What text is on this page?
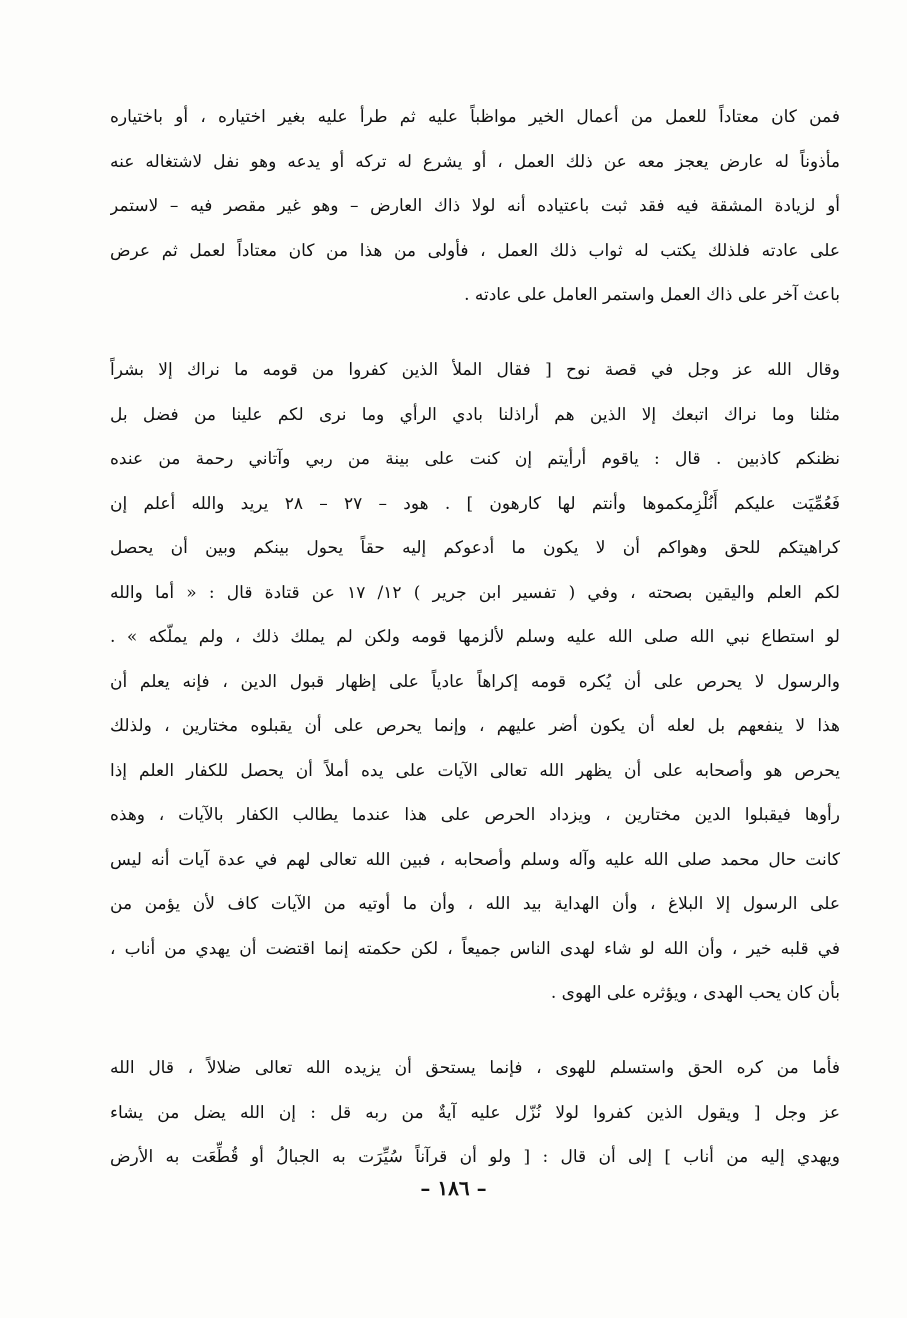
فمن كان معتاداً للعمل من أعمال الخير مواظباً عليه ثم طرأ عليه بغير اختياره ، أو باختياره
مأذوناً له عارض يعجز معه عن ذلك العمل ، أو يشرع له تركه أو يدعه وهو نفل لاشتغاله عنه
أو لزيادة المشقة فيه فقد ثبت باعتياده أنه لولا ذاك العارض – وهو غير مقصر فيه – لاستمر
على عادته فلذلك يكتب له ثواب ذلك العمل ، فأولى من هذا من كان معتاداً لعمل ثم عرض
باعث آخر على ذاك العمل واستمر العامل على عادته .
وقال الله عز وجل في قصة نوح [ فقال الملأ الذين كفروا من قومه ما نراك إلا بشراً
مثلنا وما نراك اتبعك إلا الذين هم أراذلنا بادي الرأي وما نرى لكم علينا من فضل بل
نظنكم كاذبين . قال : ياقوم أرأيتم إن كنت على بينة من ربي وآتاني رحمة من عنده
فَعُمِّيَت عليكم أَنُلْزِمكموها وأنتم لها كارهون ] . هود – ٢٧ – ٢٨ يريد والله أعلم إن
كراهيتكم للحق وهواكم أن لا يكون ما أدعوكم إليه حقاً يحول بينكم وبين أن يحصل
لكم العلم واليقين بصحته ، وفي ( تفسير ابن جرير ) ١٢/ ١٧ عن قتادة قال : « أما والله
لو استطاع نبي الله صلى الله عليه وسلم لألزمها قومه ولكن لم يملك ذلك ، ولم يملّكه » .
والرسول لا يحرص على أن يُكره قومه إكراهاً عادياً على إظهار قبول الدين ، فإنه يعلم أن
هذا لا ينفعهم بل لعله أن يكون أضر عليهم ، وإنما يحرص على أن يقبلوه مختارين ، ولذلك
يحرص هو وأصحابه على أن يظهر الله تعالى الآيات على يده أملاً أن يحصل للكفار العلم إذا
رأوها فيقبلوا الدين مختارين ، ويزداد الحرص على هذا عندما يطالب الكفار بالآيات ، وهذه
كانت حال محمد صلى الله عليه وآله وسلم وأصحابه ، فبين الله تعالى لهم في عدة آيات أنه ليس
على الرسول إلا البلاغ ، وأن الهداية بيد الله ، وأن ما أوتيه من الآيات كاف لأن يؤمن من
في قلبه خير ، وأن الله لو شاء لهدى الناس جميعاً ، لكن حكمته إنما اقتضت أن يهدي من أناب ،
بأن كان يحب الهدى ، ويؤثره على الهوى .
فأما من كره الحق واستسلم للهوى ، فإنما يستحق أن يزيده الله تعالى ضلالاً ، قال الله
عز وجل [ ويقول الذين كفروا لولا نُزّل عليه آيةٌ من ربه قل : إن الله يضل من يشاء
ويهدي إليه من أناب ] إلى أن قال : [ ولو أن قرآناً سُيِّرَت به الجبالُ أو قُطِّعَت به الأرض
– ١٨٦ –
